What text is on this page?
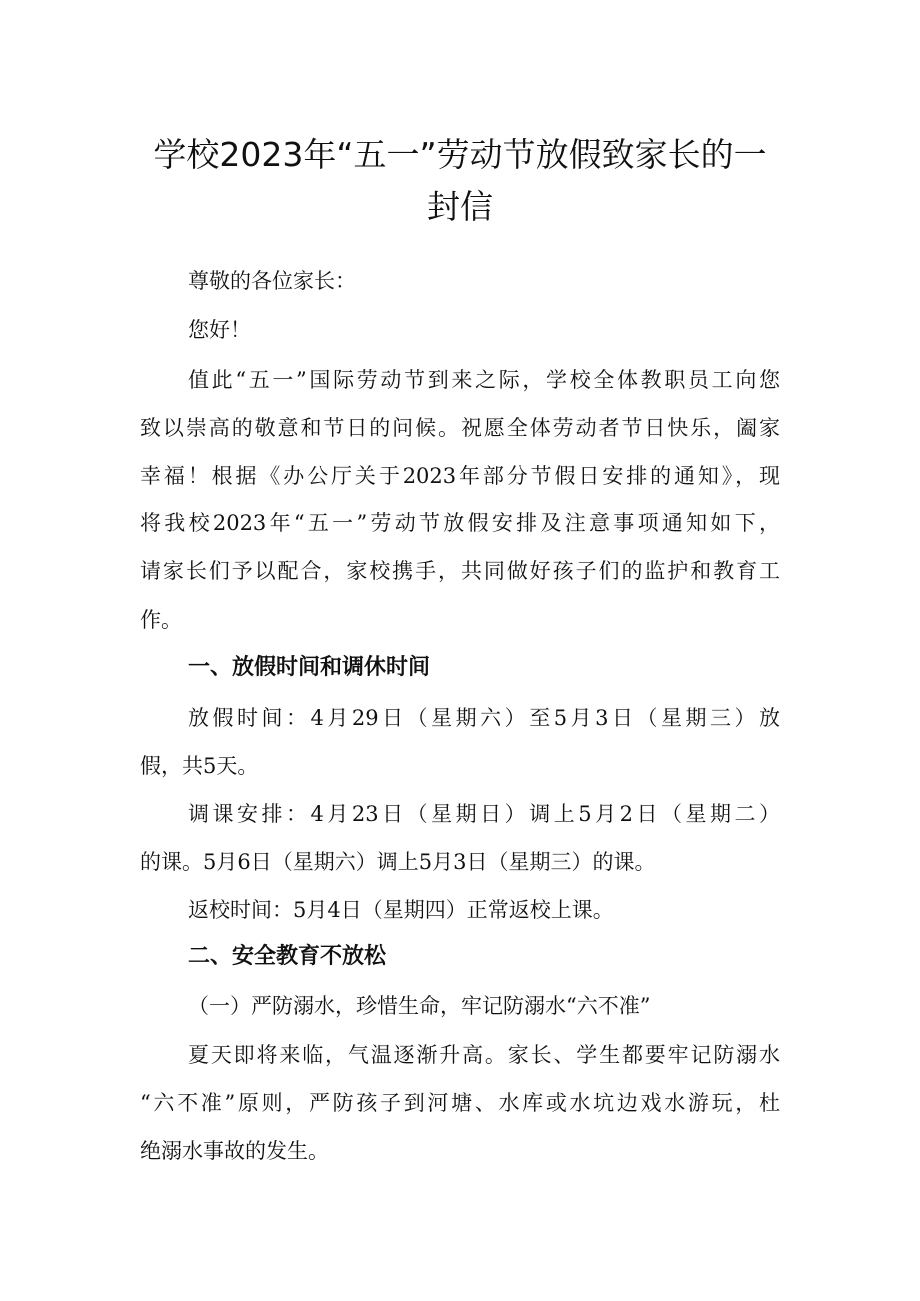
学校2023年“五一”劳动节放假致家长的一
封信

尊敬的各位家长：

您好！

值此“五一”国际劳动节到来之际，学校全体教职员工向您

致以崇高的敬意和节日的问候。祝愿全体劳动者节日快乐，阖家

幸福！根据《办公厅关于2023年部分节假日安排的通知》，现

将我校2023年“五一”劳动节放假安排及注意事项通知如下，

请家长们予以配合，家校携手，共同做好孩子们的监护和教育工

作。

一、放假时间和调休时间

放假时间：4月29日（星期六）至5月3日（星期三）放

假，共5天。

调课安排：4月23日（星期日）调上5月2日（星期二）

的课。5月6日（星期六）调上5月3日（星期三）的课。

返校时间：5月4日（星期四）正常返校上课。

二、安全教育不放松

（一）严防溺水，珍惜生命，牢记防溺水“六不准”

夏天即将来临，气温逐渐升高。家长、学生都要牢记防溺水

“六不准”原则，严防孩子到河塘、水库或水坑边戏水游玩，杜

绝溺水事故的发生。
